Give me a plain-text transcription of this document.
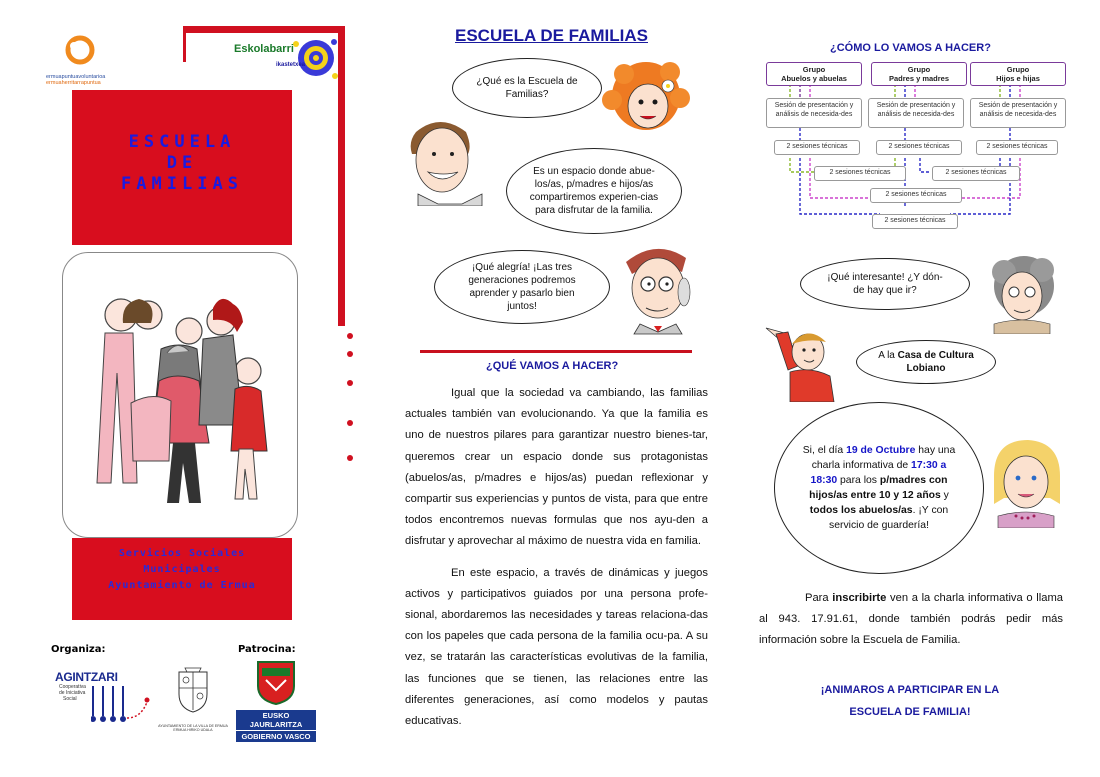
ermuapuntuavoluntarioa
ermuaherritarrapuntua
Eskolabarri
ikastetxea
ESCUELA
DE
FAMILIAS
Servicios Sociales
Municipales
Ayuntamiento de Ermua
Organiza:	Patrocina:
AGINTZARI
Cooperativa
de Iniciativa
Social
AYUNTAMIENTO DE LA VILLA DE ERMUA
ERMUA HIRIKO UDALA
EUSKO JAURLARITZA
GOBIERNO VASCO
ESCUELA DE FAMILIAS
¿Qué es la Escuela de Familias?
Es un espacio donde abue-los/as, p/madres e hijos/as compartiremos experien-cias para disfrutar de la familia.
¡Qué alegría! ¡Las tres generaciones podremos aprender y pasarlo bien juntos!
¿QUÉ VAMOS A HACER?

Igual que la sociedad va cambiando, las familias actuales también van evolucionando. Ya que la familia es uno de nuestros pilares para garantizar nuestro bienes-tar, queremos crear un espacio donde sus protagonistas (abuelos/as, p/madres e hijos/as) puedan reflexionar y compartir sus experiencias y puntos de vista, para que entre todos encontremos nuevas formulas que nos ayu-den a disfrutar y aprovechar al máximo de nuestra vida en familia.

En este espacio, a través de dinámicas y juegos activos y participativos guiados por una persona profe-sional, abordaremos las necesidades y tareas relaciona-das con los papeles que cada persona de la familia ocu-pa. A su vez, se tratarán las características evolutivas de la familia, las funciones que se tienen, las relaciones entre las diferentes generaciones, así como modelos y pautas educativas.

¿CÓMO LO VAMOS A HACER?
Grupo
Abuelos y abuelas
Grupo
Padres y madres
Grupo
Hijos e hijas
Sesión de presentación y análisis de necesida-des
Sesión de presentación y análisis de necesida-des
Sesión de presentación y análisis de necesida-des
2 sesiones técnicas	2 sesiones técnicas	2 sesiones técnicas
2 sesiones técnicas	2 sesiones técnicas
2 sesiones técnicas
2 sesiones técnicas
¡Qué interesante! ¿Y dón-de hay que ir?
A la Casa de Cultura Lobiano
Si, el día 19 de Octubre hay una charla informativa de 17:30 a 18:30 para los p/madres con hijos/as entre 10 y 12 años y todos los abuelos/as. ¡Y con servicio de guardería!

Para inscribirte ven a la charla informativa o llama al 943. 17.91.61, donde también podrás pedir más información sobre la Escuela de Familia.

¡ANIMAROS A PARTICIPAR EN LA
ESCUELA DE FAMILIA!
